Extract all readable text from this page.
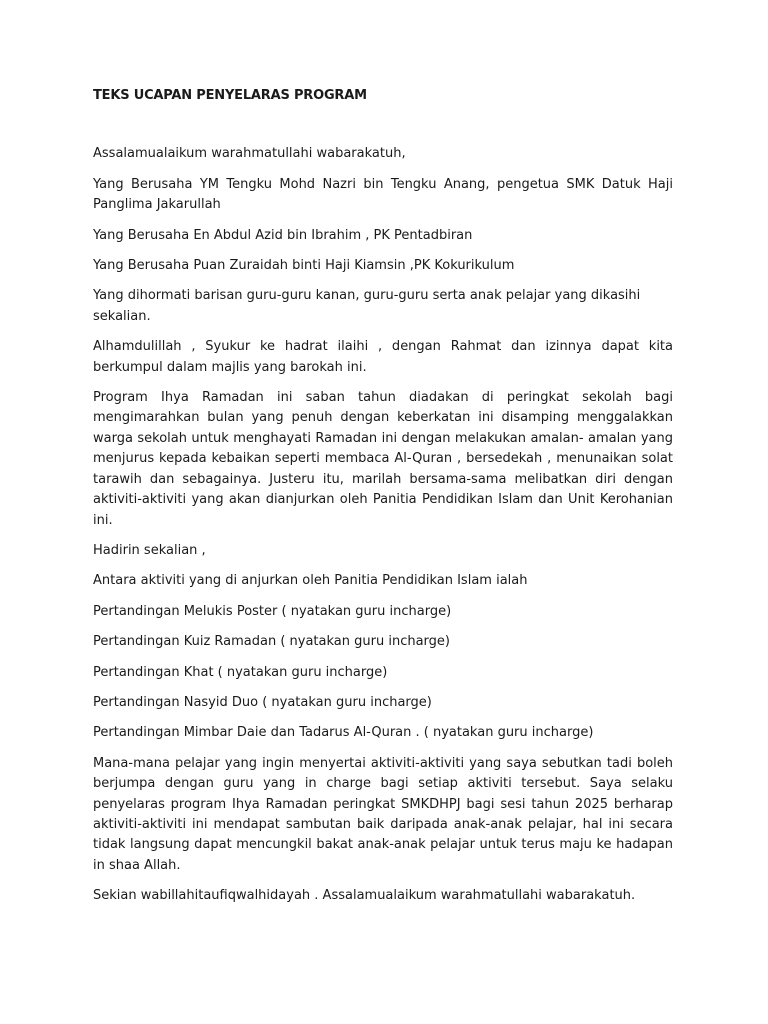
TEKS UCAPAN PENYELARAS PROGRAM

Assalamualaikum warahmatullahi wabarakatuh,

Yang Berusaha YM Tengku Mohd Nazri bin Tengku Anang, pengetua SMK Datuk Haji Panglima Jakarullah

Yang Berusaha En Abdul Azid bin Ibrahim , PK Pentadbiran

Yang Berusaha Puan Zuraidah binti Haji Kiamsin ,PK Kokurikulum

Yang dihormati barisan guru-guru kanan, guru-guru serta anak pelajar yang dikasihi sekalian.

Alhamdulillah , Syukur ke hadrat ilaihi , dengan Rahmat dan izinnya dapat kita berkumpul dalam majlis yang barokah ini.

Program Ihya Ramadan ini saban tahun diadakan di peringkat sekolah bagi mengimarahkan bulan yang penuh dengan keberkatan ini disamping menggalakkan warga sekolah untuk menghayati Ramadan ini dengan melakukan amalan- amalan yang menjurus kepada kebaikan seperti membaca Al-Quran , bersedekah , menunaikan solat tarawih dan sebagainya. Justeru itu, marilah bersama-sama melibatkan diri dengan aktiviti-aktiviti yang akan dianjurkan oleh Panitia Pendidikan Islam dan Unit Kerohanian ini.

Hadirin sekalian ,

Antara aktiviti yang di anjurkan oleh Panitia Pendidikan Islam ialah

Pertandingan Melukis Poster ( nyatakan guru incharge)

Pertandingan Kuiz Ramadan ( nyatakan guru incharge)

Pertandingan Khat ( nyatakan guru incharge)

Pertandingan Nasyid Duo ( nyatakan guru incharge)

Pertandingan Mimbar Daie dan Tadarus Al-Quran . ( nyatakan guru incharge)

Mana-mana pelajar yang ingin menyertai aktiviti-aktiviti yang saya sebutkan tadi boleh berjumpa dengan guru yang in charge bagi setiap aktiviti tersebut. Saya selaku penyelaras program Ihya Ramadan peringkat SMKDHPJ bagi sesi tahun 2025 berharap aktiviti-aktiviti ini mendapat sambutan baik daripada anak-anak pelajar, hal ini secara tidak langsung dapat mencungkil bakat anak-anak pelajar untuk terus maju ke hadapan in shaa Allah.

Sekian wabillahitaufiqwalhidayah . Assalamualaikum warahmatullahi wabarakatuh.
